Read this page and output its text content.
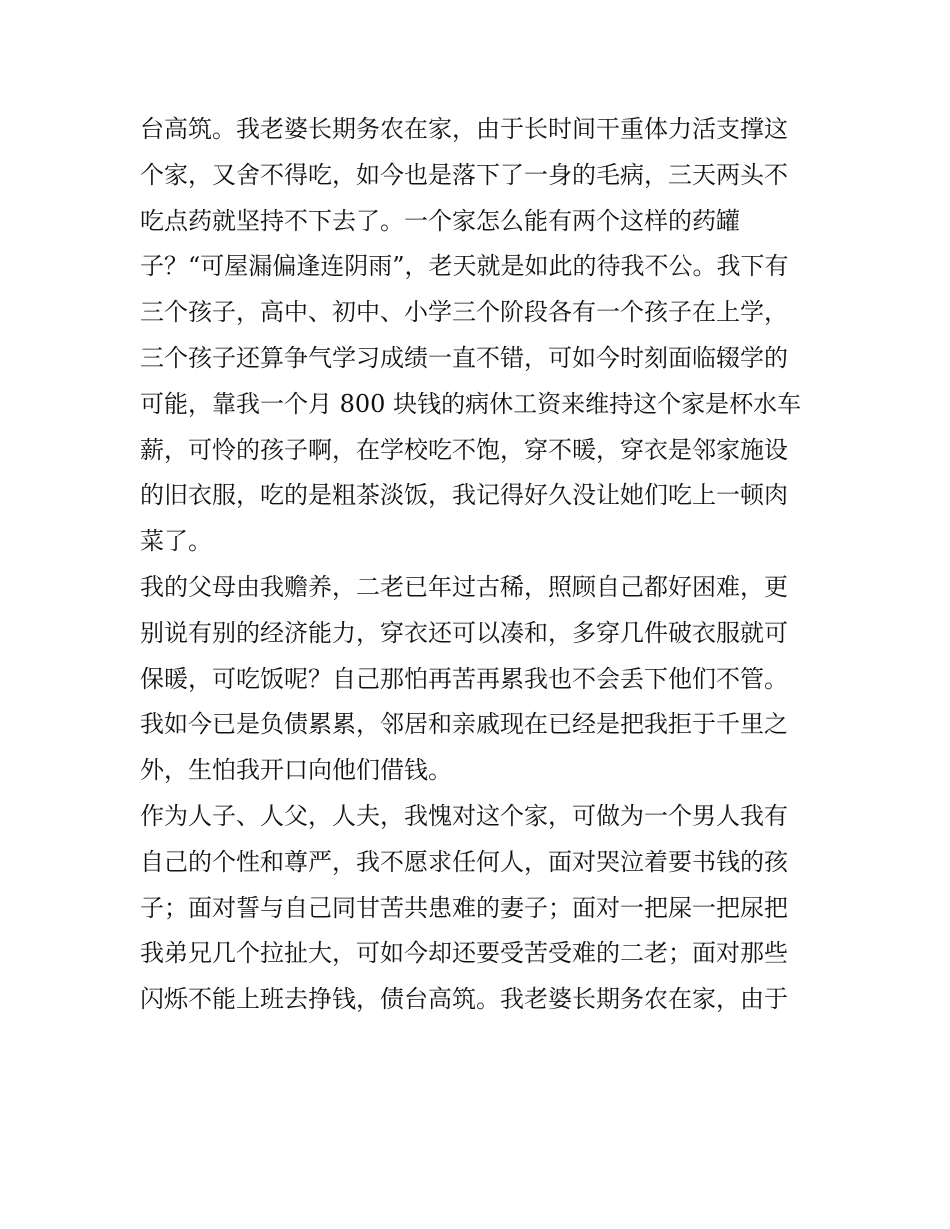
台高筑。我老婆长期务农在家，由于长时间干重体力活支撑这
个家，又舍不得吃，如今也是落下了一身的毛病，三天两头不
吃点药就坚持不下去了。一个家怎么能有两个这样的药罐
子？“可屋漏偏逢连阴雨”，老天就是如此的待我不公。我下有
三个孩子，高中、初中、小学三个阶段各有一个孩子在上学，
三个孩子还算争气学习成绩一直不错，可如今时刻面临辍学的
可能，靠我一个月 800 块钱的病休工资来维持这个家是杯水车
薪，可怜的孩子啊，在学校吃不饱，穿不暖，穿衣是邻家施设
的旧衣服，吃的是粗茶淡饭，我记得好久没让她们吃上一顿肉
菜了。
我的父母由我赡养，二老已年过古稀，照顾自己都好困难，更
别说有别的经济能力，穿衣还可以凑和，多穿几件破衣服就可
保暖，可吃饭呢？自己那怕再苦再累我也不会丢下他们不管。
我如今已是负债累累，邻居和亲戚现在已经是把我拒于千里之
外，生怕我开口向他们借钱。
作为人子、人父，人夫，我愧对这个家，可做为一个男人我有
自己的个性和尊严，我不愿求任何人，面对哭泣着要书钱的孩
子；面对誓与自己同甘苦共患难的妻子；面对一把屎一把尿把
我弟兄几个拉扯大，可如今却还要受苦受难的二老；面对那些
闪烁不能上班去挣钱，债台高筑。我老婆长期务农在家，由于
